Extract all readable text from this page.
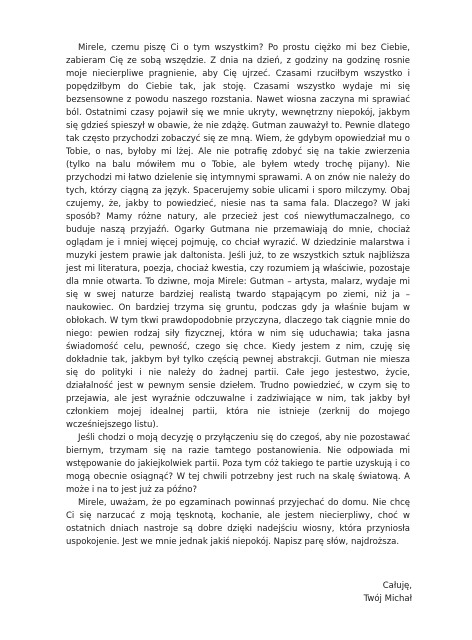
Mirele, czemu piszę Ci o tym wszystkim? Po prostu ciężko mi bez Ciebie, zabieram Cię ze sobą wszędzie. Z dnia na dzień, z godziny na godzinę rosnie moje niecierpliwe pragnienie, aby Cię ujrzeć. Czasami rzuciłbym wszystko i popędziłbym do Ciebie tak, jak stoję. Czasami wszystko wydaje mi się bezsensowne z powodu naszego rozstania. Nawet wiosna zaczyna mi sprawiać ból. Ostatnimi czasy pojawił się we mnie ukryty, wewnętrzny niepokój, jakbym się gdzieś spieszył w obawie, że nie zdążę. Gutman zauważył to. Pewnie dlatego tak często przychodzi zobaczyć się ze mną. Wiem, że gdybym opowiedział mu o Tobie, o nas, byłoby mi lżej. Ale nie potrafię zdobyć się na takie zwierzenia (tylko na balu mówiłem mu o Tobie, ale byłem wtedy trochę pijany). Nie przychodzi mi łatwo dzielenie się intymnymi sprawami. A on znów nie należy do tych, którzy ciągną za język. Spacerujemy sobie ulicami i sporo milczymy. Obaj czujemy, że, jakby to powiedzieć, niesie nas ta sama fala. Dlaczego? W jaki sposób? Mamy różne natury, ale przecież jest coś niewytłumaczalnego, co buduje naszą przyjaźń. Ogarky Gutmana nie przemawiają do mnie, chociaż oglądam je i mniej więcej pojmuję, co chciał wyrazić. W dziedzinie malarstwa i muzyki jestem prawie jak daltonista. Jeśli już, to ze wszystkich sztuk najbliższa jest mi literatura, poezja, chociaż kwestia, czy rozumiem ją właściwie, pozostaje dla mnie otwarta. To dziwne, moja Mirele: Gutman – artysta, malarz, wydaje mi się w swej naturze bardziej realistą twardo stąpającym po ziemi, niż ja – naukowiec. On bardziej trzyma się gruntu, podczas gdy ja właśnie bujam w obłokach. W tym tkwi prawdopodobnie przyczyna, dlaczego tak ciągnie mnie do niego: pewien rodzaj siły fizycznej, która w nim się uduchawia; taka jasna świadomość celu, pewność, czego się chce. Kiedy jestem z nim, czuję się dokładnie tak, jakbym był tylko częścią pewnej abstrakcji. Gutman nie miesza się do polityki i nie należy do żadnej partii. Całe jego jestestwo, życie, działalność jest w pewnym sensie dziełem. Trudno powiedzieć, w czym się to przejawia, ale jest wyraźnie odczuwalne i zadziwiające w nim, tak jakby był członkiem mojej idealnej partii, która nie istnieje (zerknij do mojego wcześniejszego listu).

Jeśli chodzi o moją decyzję o przyłączeniu się do czegoś, aby nie pozostawać biernym, trzymam się na razie tamtego postanowienia. Nie odpowiada mi wstępowanie do jakiejkolwiek partii. Poza tym cóż takiego te partie uzyskują i co mogą obecnie osiągnąć? W tej chwili potrzebny jest ruch na skalę światową. A może i na to jest już za późno?

Mirele, uważam, że po egzaminach powinnaś przyjechać do domu. Nie chcę Ci się narzucać z moją tęsknotą, kochanie, ale jestem niecierpliwy, choć w ostatnich dniach nastroje są dobre dzięki nadejściu wiosny, która przyniosła uspokojenie. Jest we mnie jednak jakiś niepokój. Napisz parę słów, najdroższa.

Całuję,
Twój Michał
